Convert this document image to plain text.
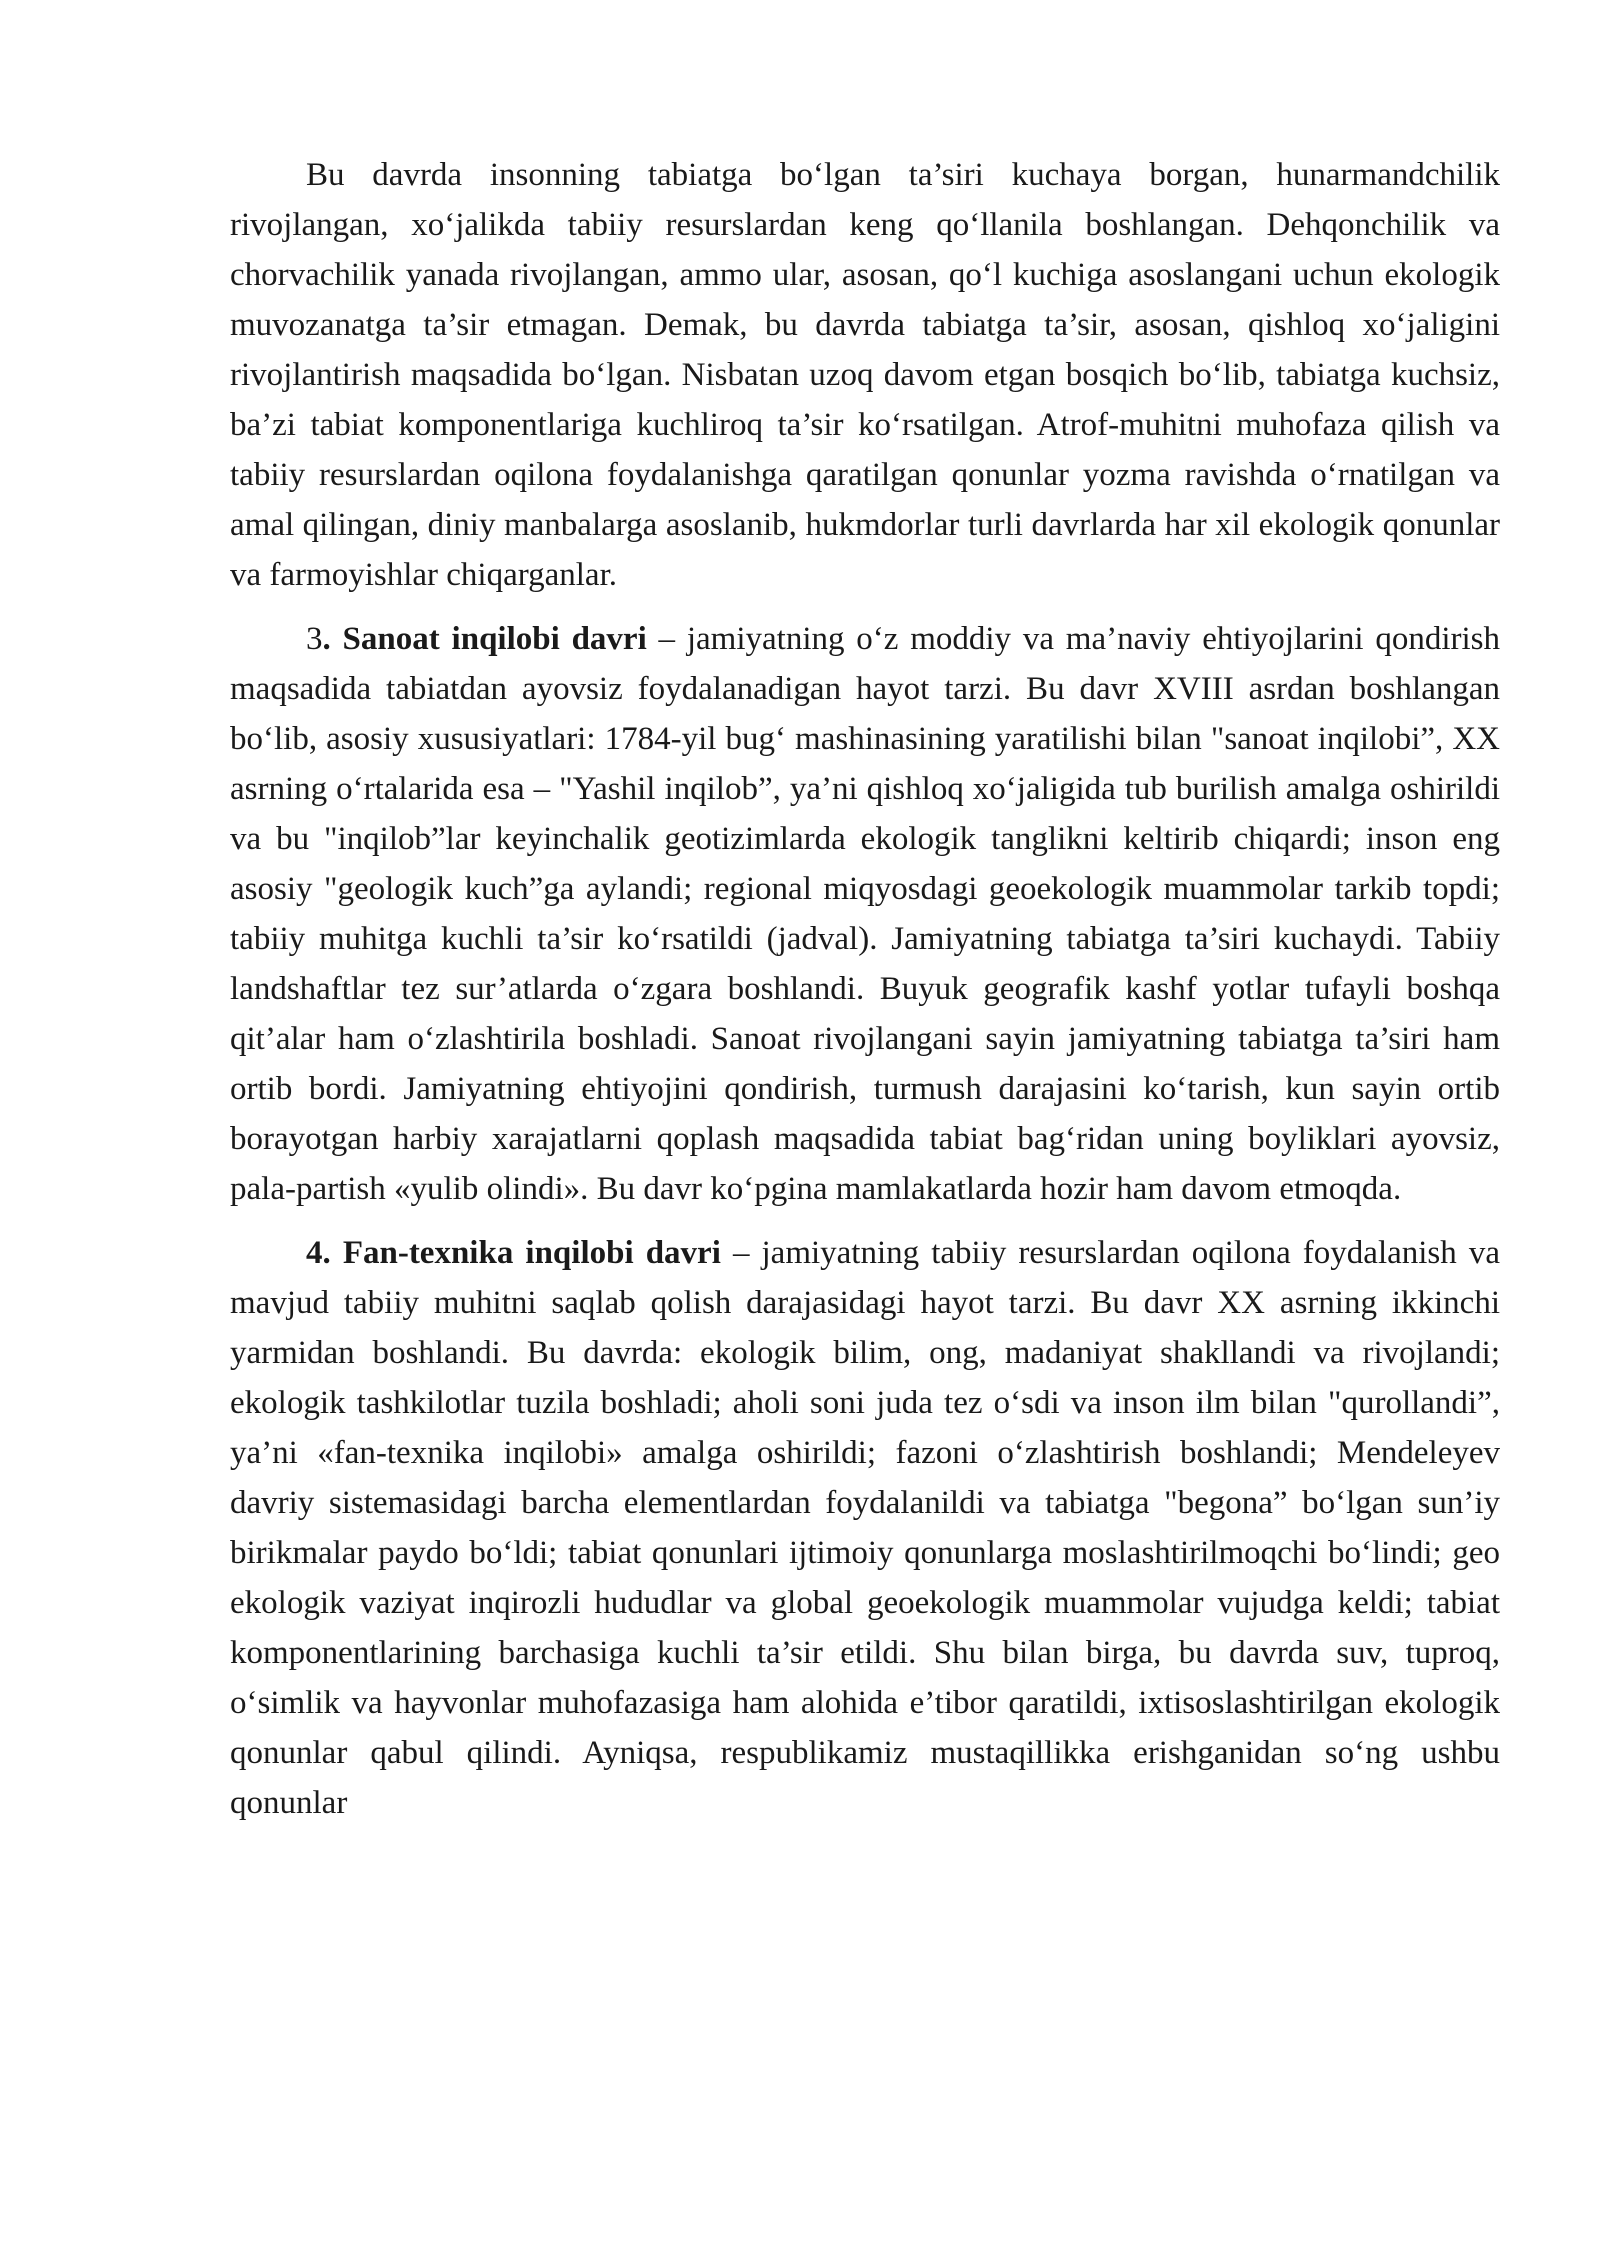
Bu davrda insonning tabiatga bo‘lgan ta’siri kuchaya borgan, hunarmandchilik rivojlangan, xo‘jalikda tabiiy resurslardan keng qo‘llanila boshlangan. Dehqonchilik va chorvachilik yanada rivojlangan, ammo ular, asosan, qo‘l kuchiga asoslangani uchun ekologik muvozanatga ta’sir etmagan. Demak, bu davrda tabiatga ta’sir, asosan, qishloq xo‘jaligini rivojlantirish maqsadida bo‘lgan. Nisbatan uzoq davom etgan bosqich bo‘lib, tabiatga kuchsiz, ba’zi tabiat komponentlariga kuchliroq ta’sir ko‘rsatilgan. Atrof-muhitni muhofaza qilish va tabiiy resurslardan oqilona foydalanishga qaratilgan qonunlar yozma ravishda o‘rnatilgan va amal qilingan, diniy manbalarga asoslanib, hukmdorlar turli davrlarda har xil ekologik qonunlar va farmoyishlar chiqarganlar.

3. Sanoat inqilobi davri – jamiyatning o‘z moddiy va ma’naviy ehtiyojlarini qondirish maqsadida tabiatdan ayovsiz foydalanadigan hayot tarzi. Bu davr XVIII asrdan boshlangan bo‘lib, asosiy xususiyatlari: 1784-yil bug‘ mashinasining yaratilishi bilan "sanoat inqilobi”, XX asrning o‘rtalarida esa – "Yashil inqilob”, ya’ni qishloq xo‘jaligida tub burilish amalga oshirildi va bu "inqilob”lar keyinchalik geotizimlarda ekologik tanglikni keltirib chiqardi; inson eng asosiy "geologik kuch”ga aylandi; regional miqyosdagi geoekologik muammolar tarkib topdi; tabiiy muhitga kuchli ta’sir ko‘rsatildi (jadval). Jamiyatning tabiatga ta’siri kuchaydi. Tabiiy landshaftlar tez sur’atlarda o‘zgara boshlandi. Buyuk geografik kashf yotlar tufayli boshqa qit’alar ham o‘zlashtirila boshladi. Sanoat rivojlangani sayin jamiyatning tabiatga ta’siri ham ortib bordi. Jamiyatning ehtiyojini qondirish, turmush darajasini ko‘tarish, kun sayin ortib borayotgan harbiy xarajatlarni qoplash maqsadida tabiat bag‘ridan uning boyliklari ayovsiz, pala-partish «yulib olindi». Bu davr ko‘pgina mamlakatlarda hozir ham davom etmoqda.

4. Fan-texnika inqilobi davri – jamiyatning tabiiy resurslardan oqilona foydalanish va mavjud tabiiy muhitni saqlab qolish darajasidagi hayot tarzi. Bu davr XX asrning ikkinchi yarmidan boshlandi. Bu davrda: ekologik bilim, ong, madaniyat shakllandi va rivojlandi; ekologik tashkilotlar tuzila boshladi; aholi soni juda tez o‘sdi va inson ilm bilan "qurollandi”, ya’ni «fan-texnika inqilobi» amalga oshirildi; fazoni o‘zlashtirish boshlandi; Mendeleyev davriy sistemasidagi barcha elementlardan foydalanildi va tabiatga "begona” bo‘lgan sun’iy birikmalar paydo bo‘ldi; tabiat qonunlari ijtimoiy qonunlarga moslashtirilmoqchi bo‘lindi; geo ekologik vaziyat inqirozli hududlar va global geoekologik muammolar vujudga keldi; tabiat komponentlarining barchasiga kuchli ta’sir etildi. Shu bilan birga, bu davrda suv, tuproq, o‘simlik va hayvonlar muhofazasiga ham alohida e’tibor qaratildi, ixtisoslashtirilgan ekologik qonunlar qabul qilindi. Ayniqsa, respublikamiz mustaqillikka erishganidan so‘ng ushbu qonunlar
